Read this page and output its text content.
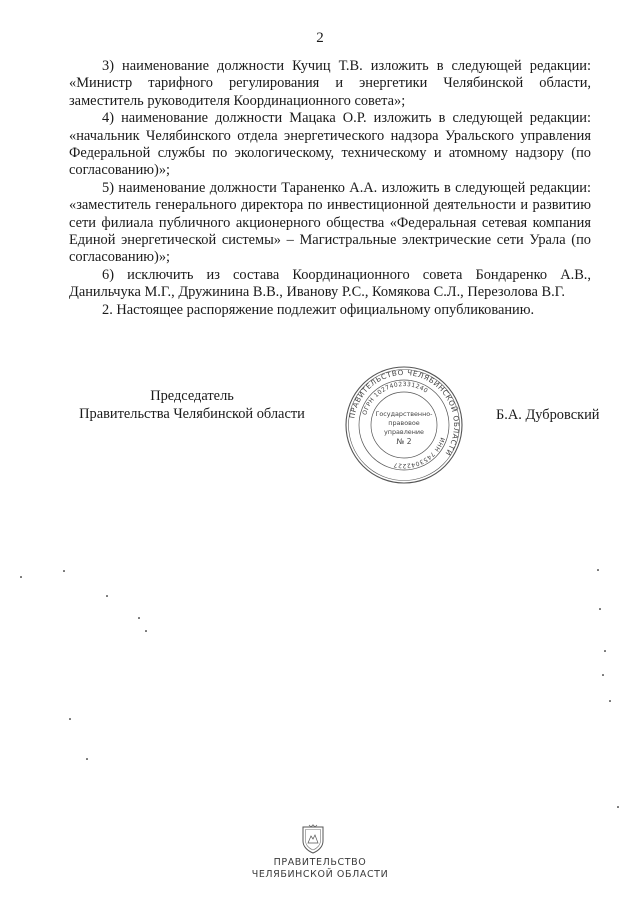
2

3) наименование должности Кучиц Т.В. изложить в следующей редакции: «Министр тарифного регулирования и энергетики Челябинской области, заместитель руководителя Координационного совета»;

4) наименование должности Мацака О.Р. изложить в следующей редакции: «начальник Челябинского отдела энергетического надзора Уральского управления Федеральной службы по экологическому, техническому и атомному надзору (по согласованию)»;

5) наименование должности Тараненко А.А. изложить в следующей редакции: «заместитель генерального директора по инвестиционной деятельности и развитию сети филиала публичного акционерного общества «Федеральная сетевая компания Единой энергетической системы» – Магистральные электрические сети Урала (по согласованию)»;

6) исключить из состава Координационного совета Бондаренко А.В., Данильчука М.Г., Дружинина В.В., Иванову Р.С., Комякова С.Л., Перезолова В.Г.

2. Настоящее распоряжение подлежит официальному опубликованию.

Председатель
Правительства Челябинской области	Б.А. Дубровский
ПРАВИТЕЛЬСТВО ЧЕЛЯБИНСКОЙ ОБЛАСТИ
ОГРН 1027402331240
ИНН 7453042227
Государственно-
правовое
управление
№ 2
ПРАВИТЕЛЬСТВО
ЧЕЛЯБИНСКОЙ ОБЛАСТИ
